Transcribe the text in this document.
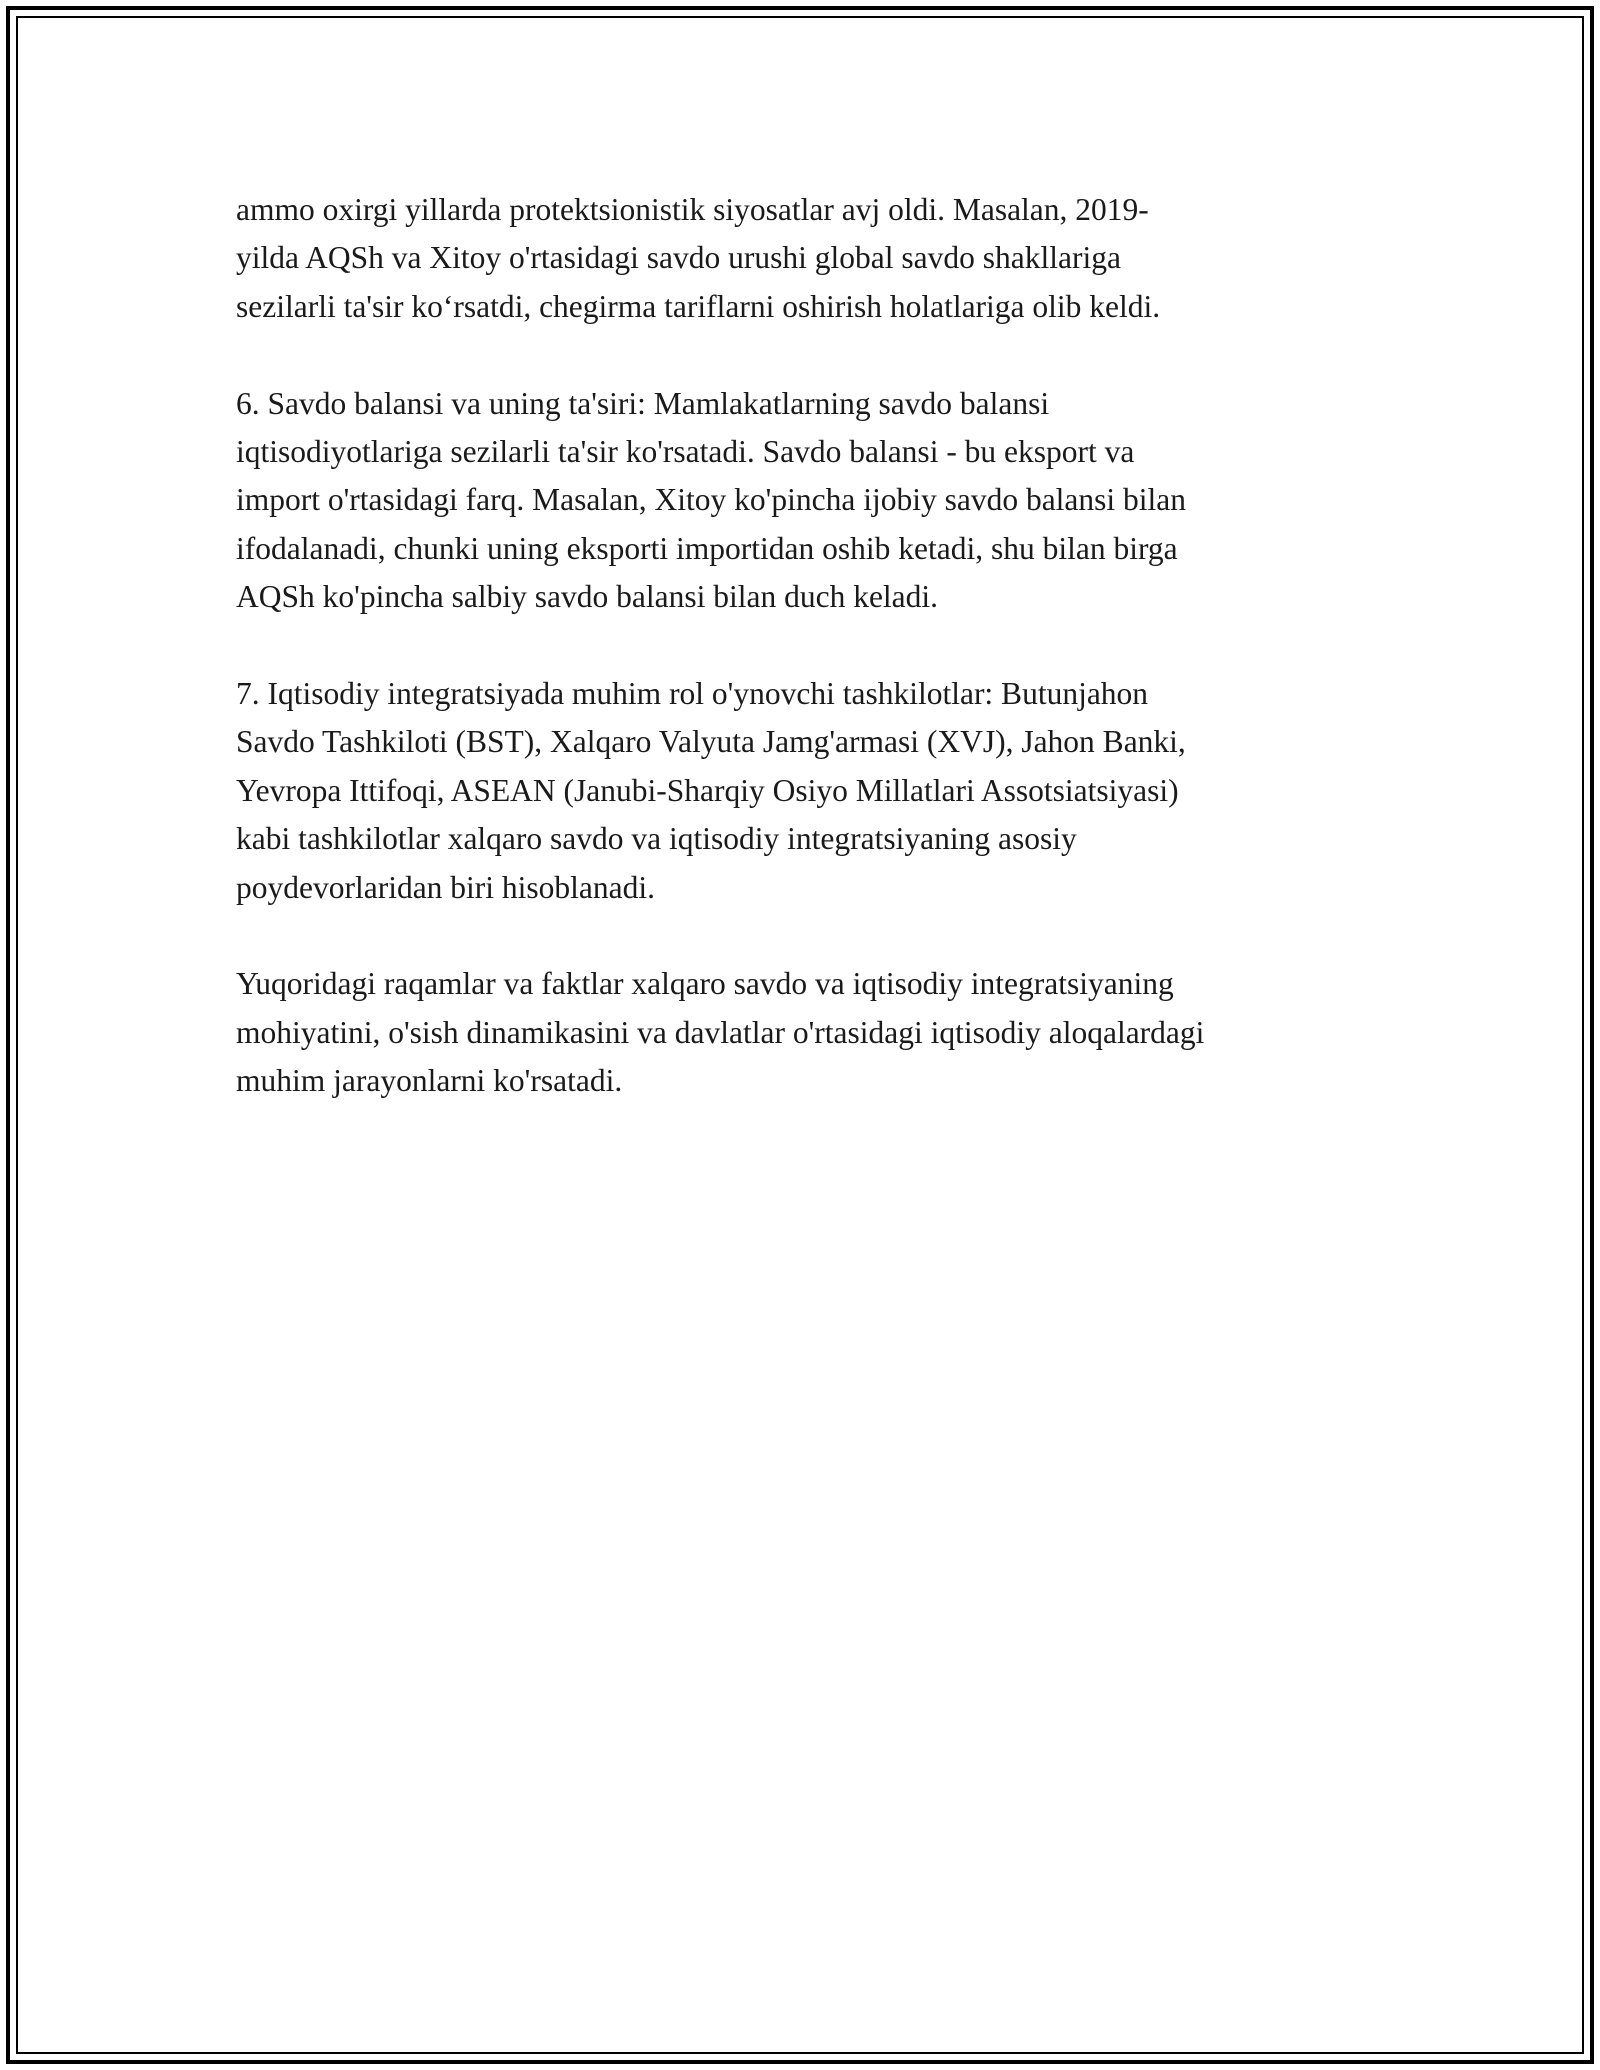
ammo oxirgi yillarda protektsionistik siyosatlar avj oldi. Masalan, 2019-
yilda AQSh va Xitoy o'rtasidagi savdo urushi global savdo shakllariga
sezilarli ta'sir ko‘rsatdi, chegirma tariflarni oshirish holatlariga olib keldi.

6. Savdo balansi va uning ta'siri: Mamlakatlarning savdo balansi
iqtisodiyotlariga sezilarli ta'sir ko'rsatadi. Savdo balansi - bu eksport va
import o'rtasidagi farq. Masalan, Xitoy ko'pincha ijobiy savdo balansi bilan
ifodalanadi, chunki uning eksporti importidan oshib ketadi, shu bilan birga
AQSh ko'pincha salbiy savdo balansi bilan duch keladi.

7. Iqtisodiy integratsiyada muhim rol o'ynovchi tashkilotlar: Butunjahon
Savdo Tashkiloti (BST), Xalqaro Valyuta Jamg'armasi (XVJ), Jahon Banki,
Yevropa Ittifoqi, ASEAN (Janubi-Sharqiy Osiyo Millatlari Assotsiatsiyasi)
kabi tashkilotlar xalqaro savdo va iqtisodiy integratsiyaning asosiy
poydevorlaridan biri hisoblanadi.

Yuqoridagi raqamlar va faktlar xalqaro savdo va iqtisodiy integratsiyaning
mohiyatini, o'sish dinamikasini va davlatlar o'rtasidagi iqtisodiy aloqalardagi
muhim jarayonlarni ko'rsatadi.
